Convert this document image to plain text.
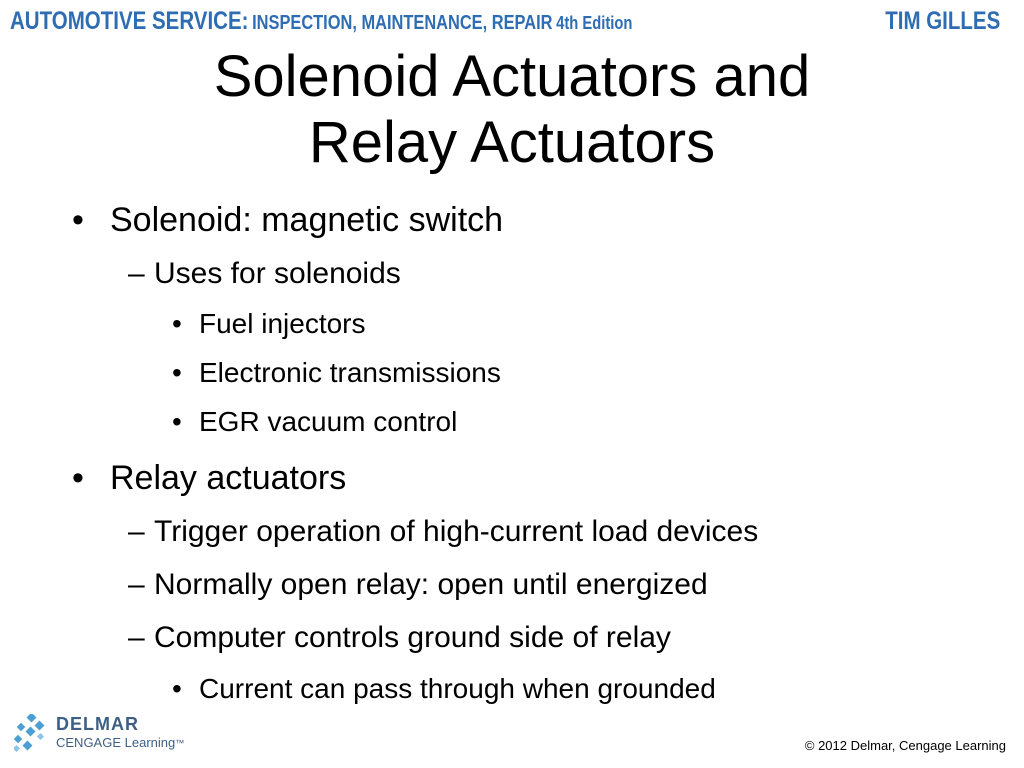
AUTOMOTIVE SERVICE: INSPECTION, MAINTENANCE, REPAIR 4th Edition	TIM GILLES
Solenoid Actuators and
Relay Actuators
• Solenoid: magnetic switch
– Uses for solenoids
• Fuel injectors
• Electronic transmissions
• EGR vacuum control
• Relay actuators
– Trigger operation of high-current load devices
– Normally open relay: open until energized
– Computer controls ground side of relay
• Current can pass through when grounded
DELMAR
CENGAGE Learning™	© 2012 Delmar, Cengage Learning
